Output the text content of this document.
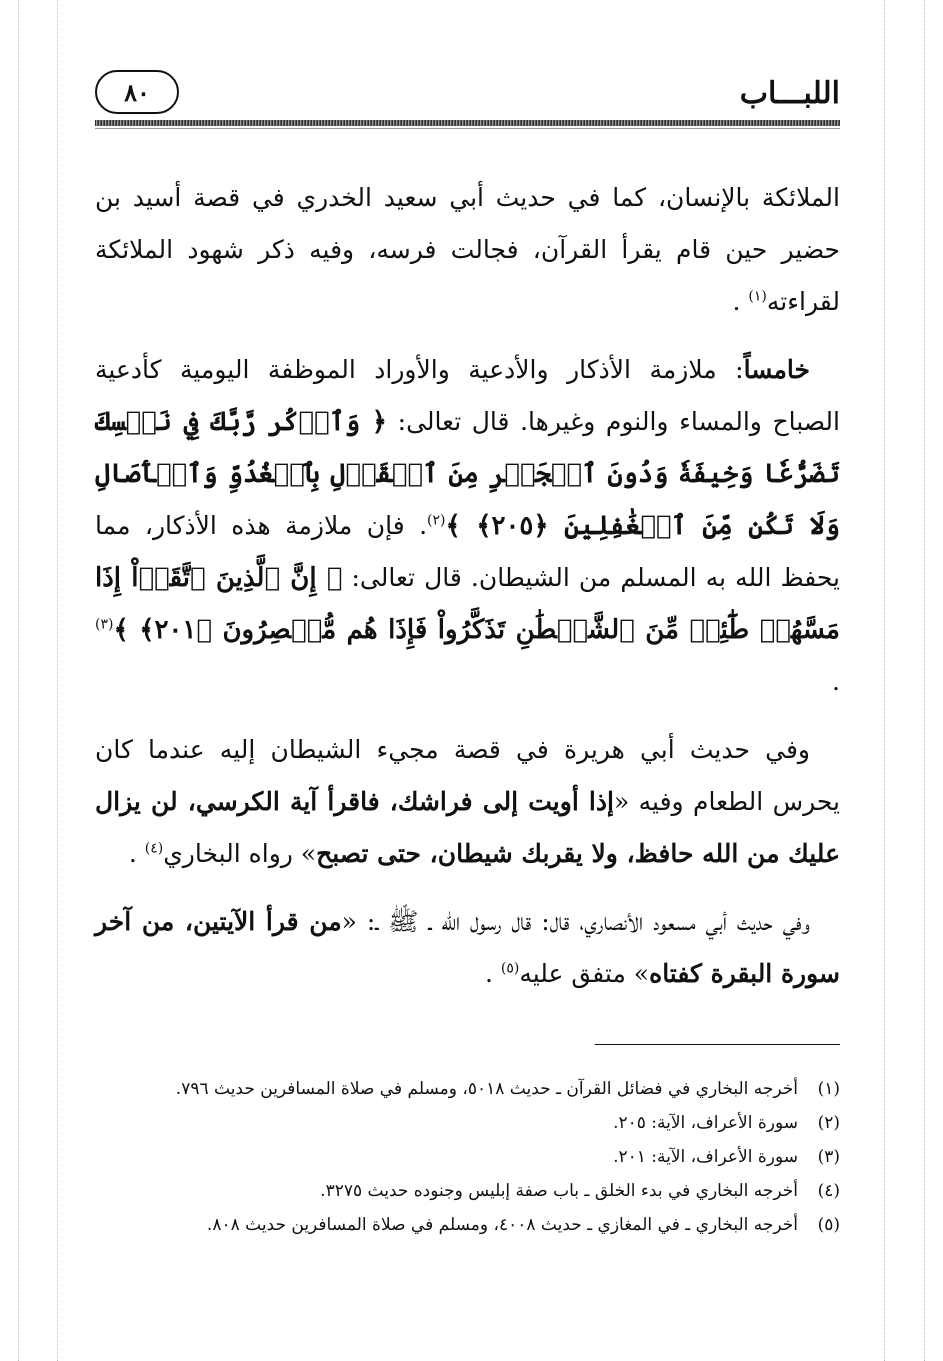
٨٠	اللبـــاب

الملائكة بالإنسان، كما في حديث أبي سعيد الخدري في قصة أسيد بن حضير حين قام يقرأ القرآن، فجالت فرسه، وفيه ذكر شهود الملائكة لقراءته$^{(١)}$ .

خامساً: ملازمة الأذكار والأدعية والأوراد الموظفة اليومية كأدعية الصباح والمساء والنوم وغيرها. قال تعالى: ﴿ وَٱذۡكُر رَّبَّكَ فِي نَفۡسِكَ تَضَرُّعٗا وَخِيفَةٗ وَدُونَ ٱلۡجَهۡرِ مِنَ ٱلۡقَوۡلِ بِٱلۡغُدُوِّ وَٱلۡأٓصَالِ وَلَا تَكُن مِّنَ ٱلۡغَٰفِلِينَ ﴿٢٠٥﴾ ﴾$^{(٢)}$. فإن ملازمة هذه الأذكار، مما يحفظ الله به المسلم من الشيطان. قال تعالى: ﴿ إِنَّ ٱلَّذِينَ ٱتَّقَوۡاْ إِذَا مَسَّهُمۡ طَٰٓئِفٞ مِّنَ ٱلشَّيۡطَٰنِ تَذَكَّرُواْ فَإِذَا هُم مُّبۡصِرُونَ ﴿٢٠١﴾ ﴾$^{(٣)}$ .

وفي حديث أبي هريرة في قصة مجيء الشيطان إليه عندما كان يحرس الطعام وفيه «إذا أويت إلى فراشك، فاقرأ آية الكرسي، لن يزال عليك من الله حافظ، ولا يقربك شيطان، حتى تصبح» رواه البخاري$^{(٤)}$ .

وفي حديث أبي مسعود الأنصاري، قال: قال رسول الله ـ ﷺ ـ: «من قرأ الآيتين، من آخر سورة البقرة كفتاه» متفق عليه$^{(٥)}$ .

(١)
أخرجه البخاري في فضائل القرآن ـ حديث ٥٠١٨، ومسلم في صلاة المسافرين حديث ٧٩٦.
(٢)
سورة الأعراف، الآية: ٢٠٥.
(٣)
سورة الأعراف، الآية: ٢٠١.
(٤)
أخرجه البخاري في بدء الخلق ـ باب صفة إبليس وجنوده حديث ٣٢٧٥.
(٥)
أخرجه البخاري ـ في المغازي ـ حديث ٤٠٠٨، ومسلم في صلاة المسافرين حديث ٨٠٨.
